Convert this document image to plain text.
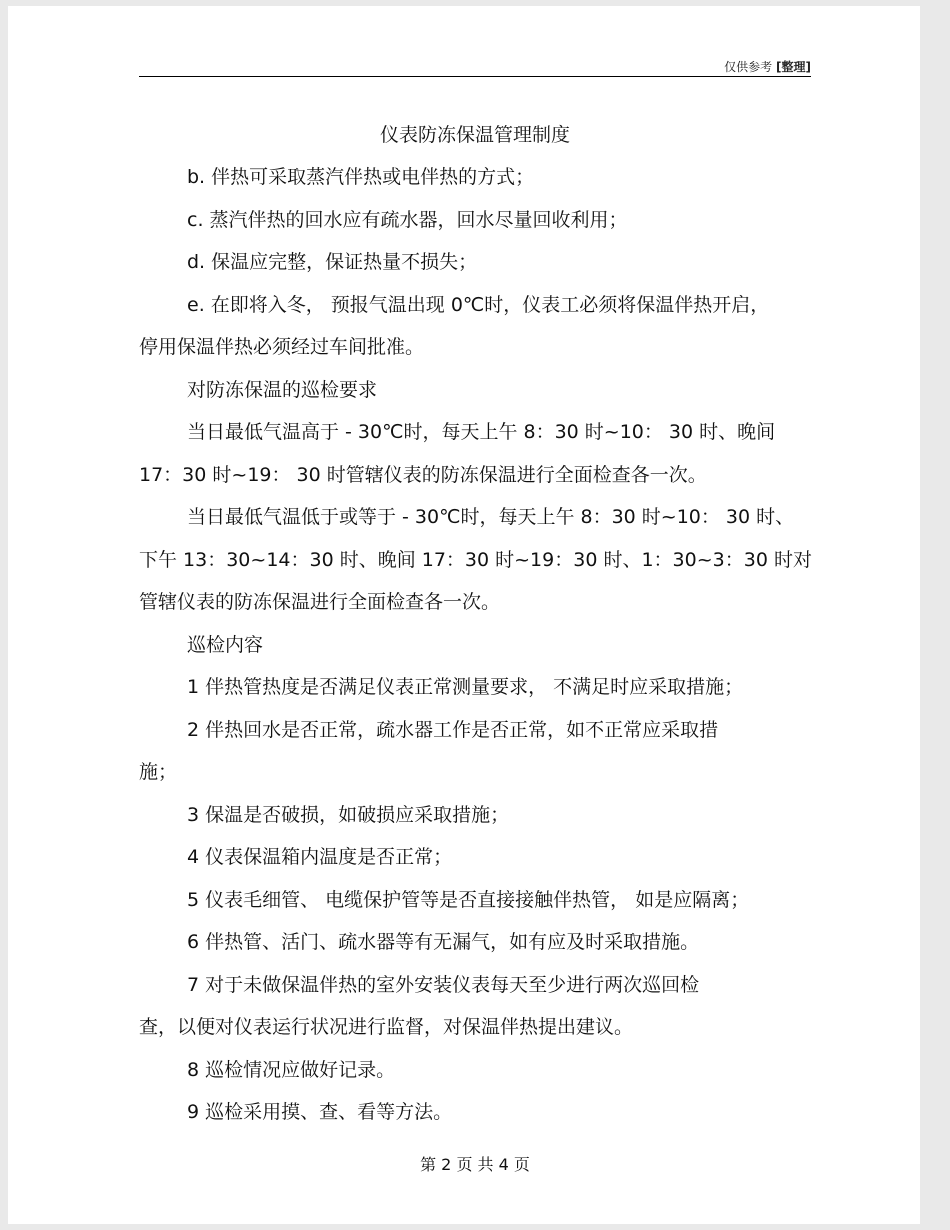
仅供参考 [整理]
仪表防冻保温管理制度

b. 伴热可采取蒸汽伴热或电伴热的方式；

c. 蒸汽伴热的回水应有疏水器，回水尽量回收利用；

d. 保温应完整，保证热量不损失；

e. 在即将入冬， 预报气温出现 0℃时，仪表工必须将保温伴热开启，

停用保温伴热必须经过车间批准。

对防冻保温的巡检要求

当日最低气温高于 - 30℃时，每天上午 8：30 时~10： 30 时、晚间

17：30 时~19： 30 时管辖仪表的防冻保温进行全面检查各一次。

当日最低气温低于或等于 - 30℃时，每天上午 8：30 时~10： 30 时、

下午 13：30~14：30 时、晚间 17：30 时~19：30 时、1：30~3：30 时对

管辖仪表的防冻保温进行全面检查各一次。

巡检内容

1 伴热管热度是否满足仪表正常测量要求， 不满足时应采取措施；

2 伴热回水是否正常，疏水器工作是否正常，如不正常应采取措

施；

3 保温是否破损，如破损应采取措施；

4 仪表保温箱内温度是否正常；

5 仪表毛细管、 电缆保护管等是否直接接触伴热管， 如是应隔离；

6 伴热管、活门、疏水器等有无漏气，如有应及时采取措施。

7 对于未做保温伴热的室外安装仪表每天至少进行两次巡回检

查，以便对仪表运行状况进行监督，对保温伴热提出建议。

8 巡检情况应做好记录。

9 巡检采用摸、查、看等方法。

第 2 页 共 4 页
